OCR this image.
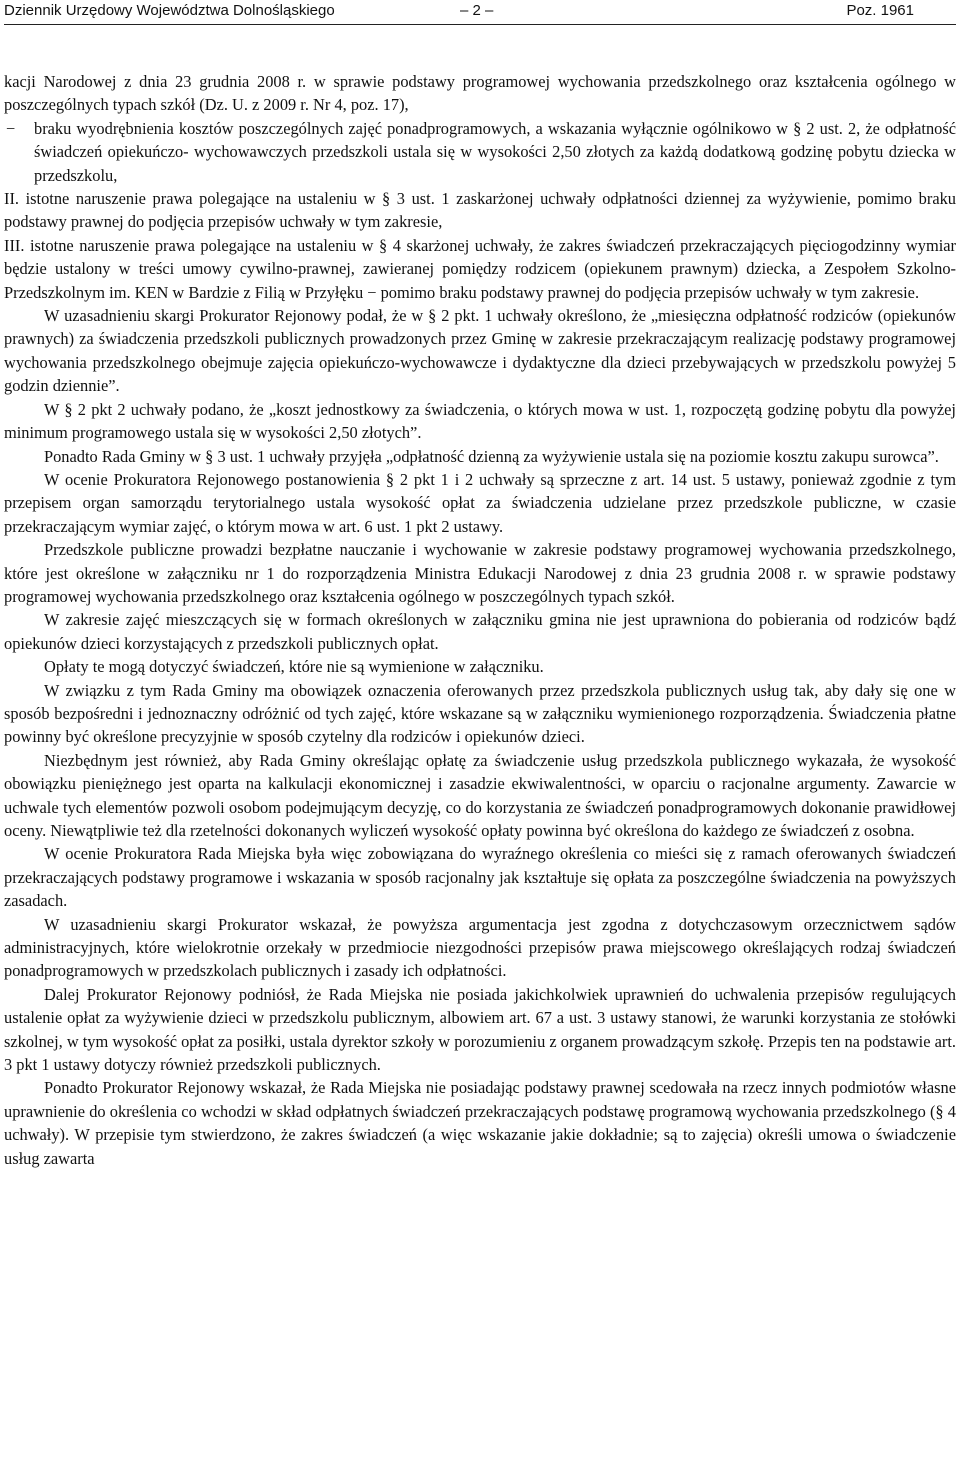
Dziennik Urzędowy Województwa Dolnośląskiego	– 2 –	Poz. 1961

kacji Narodowej z dnia 23 grudnia 2008 r. w sprawie podstawy programowej wychowania przedszkolnego oraz kształcenia ogólnego w poszczególnych typach szkół (Dz. U. z 2009 r. Nr 4, poz. 17),

− braku wyodrębnienia kosztów poszczególnych zajęć ponadprogramowych, a wskazania wyłącznie ogólnikowo w § 2 ust. 2, że odpłatność świadczeń opiekuńczo- wychowawczych przedszkoli ustala się w wysokości 2,50 złotych za każdą dodatkową godzinę pobytu dziecka w przedszkolu,

II. istotne naruszenie prawa polegające na ustaleniu w § 3 ust. 1 zaskarżonej uchwały odpłatności dziennej za wyżywienie, pomimo braku podstawy prawnej do podjęcia przepisów uchwały w tym zakresie,

III. istotne naruszenie prawa polegające na ustaleniu w § 4 skarżonej uchwały, że zakres świadczeń przekraczających pięciogodzinny wymiar będzie ustalony w treści umowy cywilno-prawnej, zawieranej pomiędzy rodzicem (opiekunem prawnym) dziecka, a Zespołem Szkolno-Przedszkolnym im. KEN w Bardzie z Filią w Przyłęku − pomimo braku podstawy prawnej do podjęcia przepisów uchwały w tym zakresie.

W uzasadnieniu skargi Prokurator Rejonowy podał, że w § 2 pkt. 1 uchwały określono, że „miesięczna odpłatność rodziców (opiekunów prawnych) za świadczenia przedszkoli publicznych prowadzonych przez Gminę w zakresie przekraczającym realizację podstawy programowej wychowania przedszkolnego obejmuje zajęcia opiekuńczo-wychowawcze i dydaktyczne dla dzieci przebywających w przedszkolu powyżej 5 godzin dziennie”.

W § 2 pkt 2 uchwały podano, że „koszt jednostkowy za świadczenia, o których mowa w ust. 1, rozpoczętą godzinę pobytu dla powyżej minimum programowego ustala się w wysokości 2,50 złotych”.

Ponadto Rada Gminy w § 3 ust. 1 uchwały przyjęła „odpłatność dzienną za wyżywienie ustala się na poziomie kosztu zakupu surowca”.

W ocenie Prokuratora Rejonowego postanowienia § 2 pkt 1 i 2 uchwały są sprzeczne z art. 14 ust. 5 ustawy, ponieważ zgodnie z tym przepisem organ samorządu terytorialnego ustala wysokość opłat za świadczenia udzielane przez przedszkole publiczne, w czasie przekraczającym wymiar zajęć, o którym mowa w art. 6 ust. 1 pkt 2 ustawy.

Przedszkole publiczne prowadzi bezpłatne nauczanie i wychowanie w zakresie podstawy programowej wychowania przedszkolnego, które jest określone w załączniku nr 1 do rozporządzenia Ministra Edukacji Narodowej z dnia 23 grudnia 2008 r. w sprawie podstawy programowej wychowania przedszkolnego oraz kształcenia ogólnego w poszczególnych typach szkół.

W zakresie zajęć mieszczących się w formach określonych w załączniku gmina nie jest uprawniona do pobierania od rodziców bądź opiekunów dzieci korzystających z przedszkoli publicznych opłat.

Opłaty te mogą dotyczyć świadczeń, które nie są wymienione w załączniku.

W związku z tym Rada Gminy ma obowiązek oznaczenia oferowanych przez przedszkola publicznych usług tak, aby dały się one w sposób bezpośredni i jednoznaczny odróżnić od tych zajęć, które wskazane są w załączniku wymienionego rozporządzenia. Świadczenia płatne powinny być określone precyzyjnie w sposób czytelny dla rodziców i opiekunów dzieci.

Niezbędnym jest również, aby Rada Gminy określając opłatę za świadczenie usług przedszkola publicznego wykazała, że wysokość obowiązku pieniężnego jest oparta na kalkulacji ekonomicznej i zasadzie ekwiwalentności, w oparciu o racjonalne argumenty. Zawarcie w uchwale tych elementów pozwoli osobom podejmującym decyzję, co do korzystania ze świadczeń ponadprogramowych dokonanie prawidłowej oceny. Niewątpliwie też dla rzetelności dokonanych wyliczeń wysokość opłaty powinna być określona do każdego ze świadczeń z osobna.

W ocenie Prokuratora Rada Miejska była więc zobowiązana do wyraźnego określenia co mieści się z ramach oferowanych świadczeń przekraczających podstawy programowe i wskazania w sposób racjonalny jak kształtuje się opłata za poszczególne świadczenia na powyższych zasadach.

W uzasadnieniu skargi Prokurator wskazał, że powyższa argumentacja jest zgodna z dotychczasowym orzecznictwem sądów administracyjnych, które wielokrotnie orzekały w przedmiocie niezgodności przepisów prawa miejscowego określających rodzaj świadczeń ponadprogramowych w przedszkolach publicznych i zasady ich odpłatności.

Dalej Prokurator Rejonowy podniósł, że Rada Miejska nie posiada jakichkolwiek uprawnień do uchwalenia przepisów regulujących ustalenie opłat za wyżywienie dzieci w przedszkolu publicznym, albowiem art. 67 a ust. 3 ustawy stanowi, że warunki korzystania ze stołówki szkolnej, w tym wysokość opłat za posiłki, ustala dyrektor szkoły w porozumieniu z organem prowadzącym szkołę. Przepis ten na podstawie art. 3 pkt 1 ustawy dotyczy również przedszkoli publicznych.

Ponadto Prokurator Rejonowy wskazał, że Rada Miejska nie posiadając podstawy prawnej scedowała na rzecz innych podmiotów własne uprawnienie do określenia co wchodzi w skład odpłatnych świadczeń przekraczających podstawę programową wychowania przedszkolnego (§ 4 uchwały). W przepisie tym stwierdzono, że zakres świadczeń (a więc wskazanie jakie dokładnie; są to zajęcia) określi umowa o świadczenie usług zawarta
